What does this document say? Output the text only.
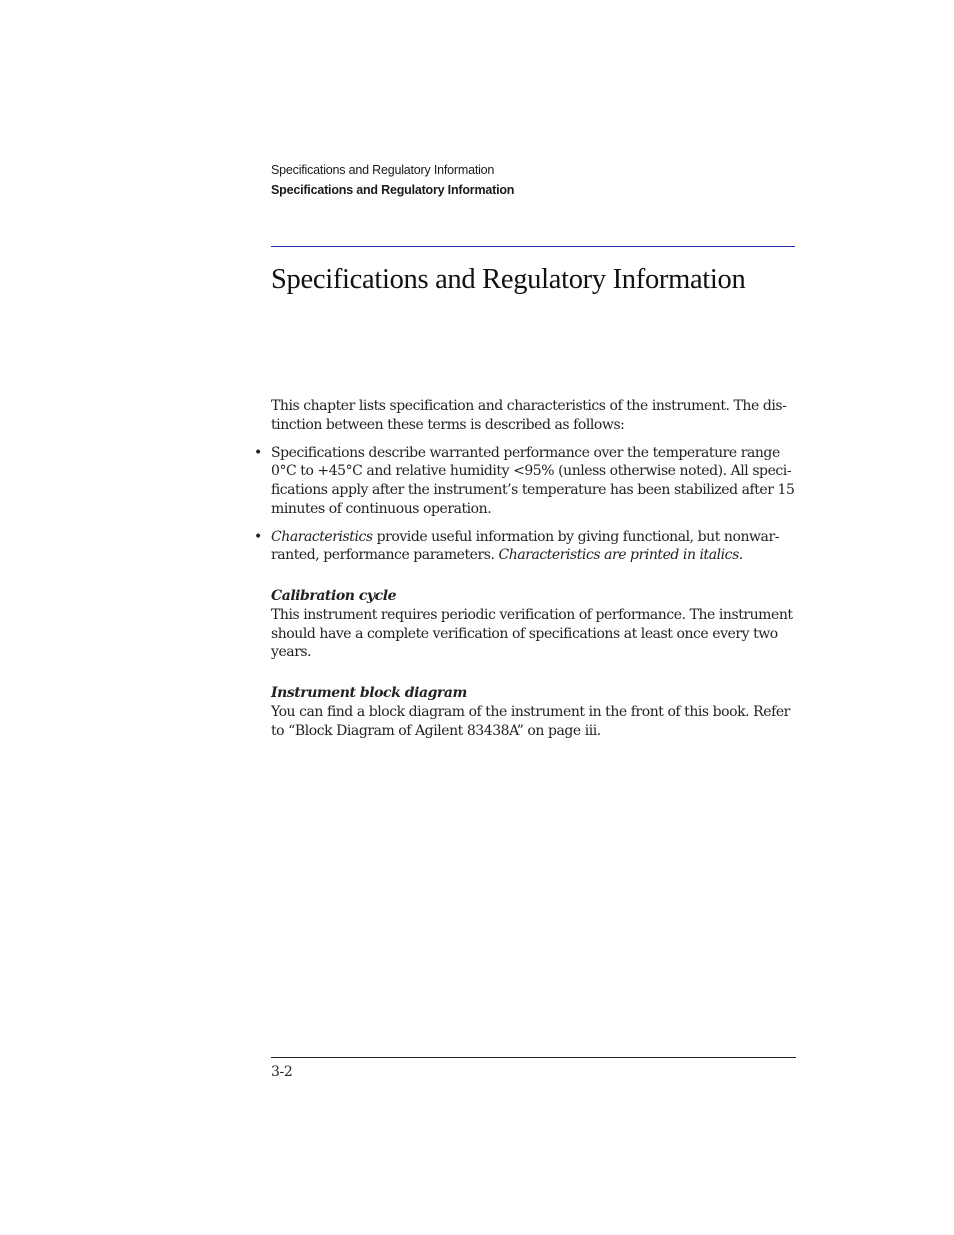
Specifications and Regulatory Information
Specifications and Regulatory Information
Specifications and Regulatory Information

This chapter lists specification and characteristics of the instrument. The dis-
tinction between these terms is described as follows:

• Specifications describe warranted performance over the temperature range
0°C to +45°C and relative humidity <95% (unless otherwise noted). All speci-
fications apply after the instrument’s temperature has been stabilized after 15
minutes of continuous operation.
• Characteristics provide useful information by giving functional, but nonwar-
ranted, performance parameters. Characteristics are printed in italics.

Calibration cycle

This instrument requires periodic verification of performance. The instrument
should have a complete verification of specifications at least once every two
years.

Instrument block diagram

You can find a block diagram of the instrument in the front of this book. Refer
to “Block Diagram of Agilent 83438A” on page iii.

3-2
